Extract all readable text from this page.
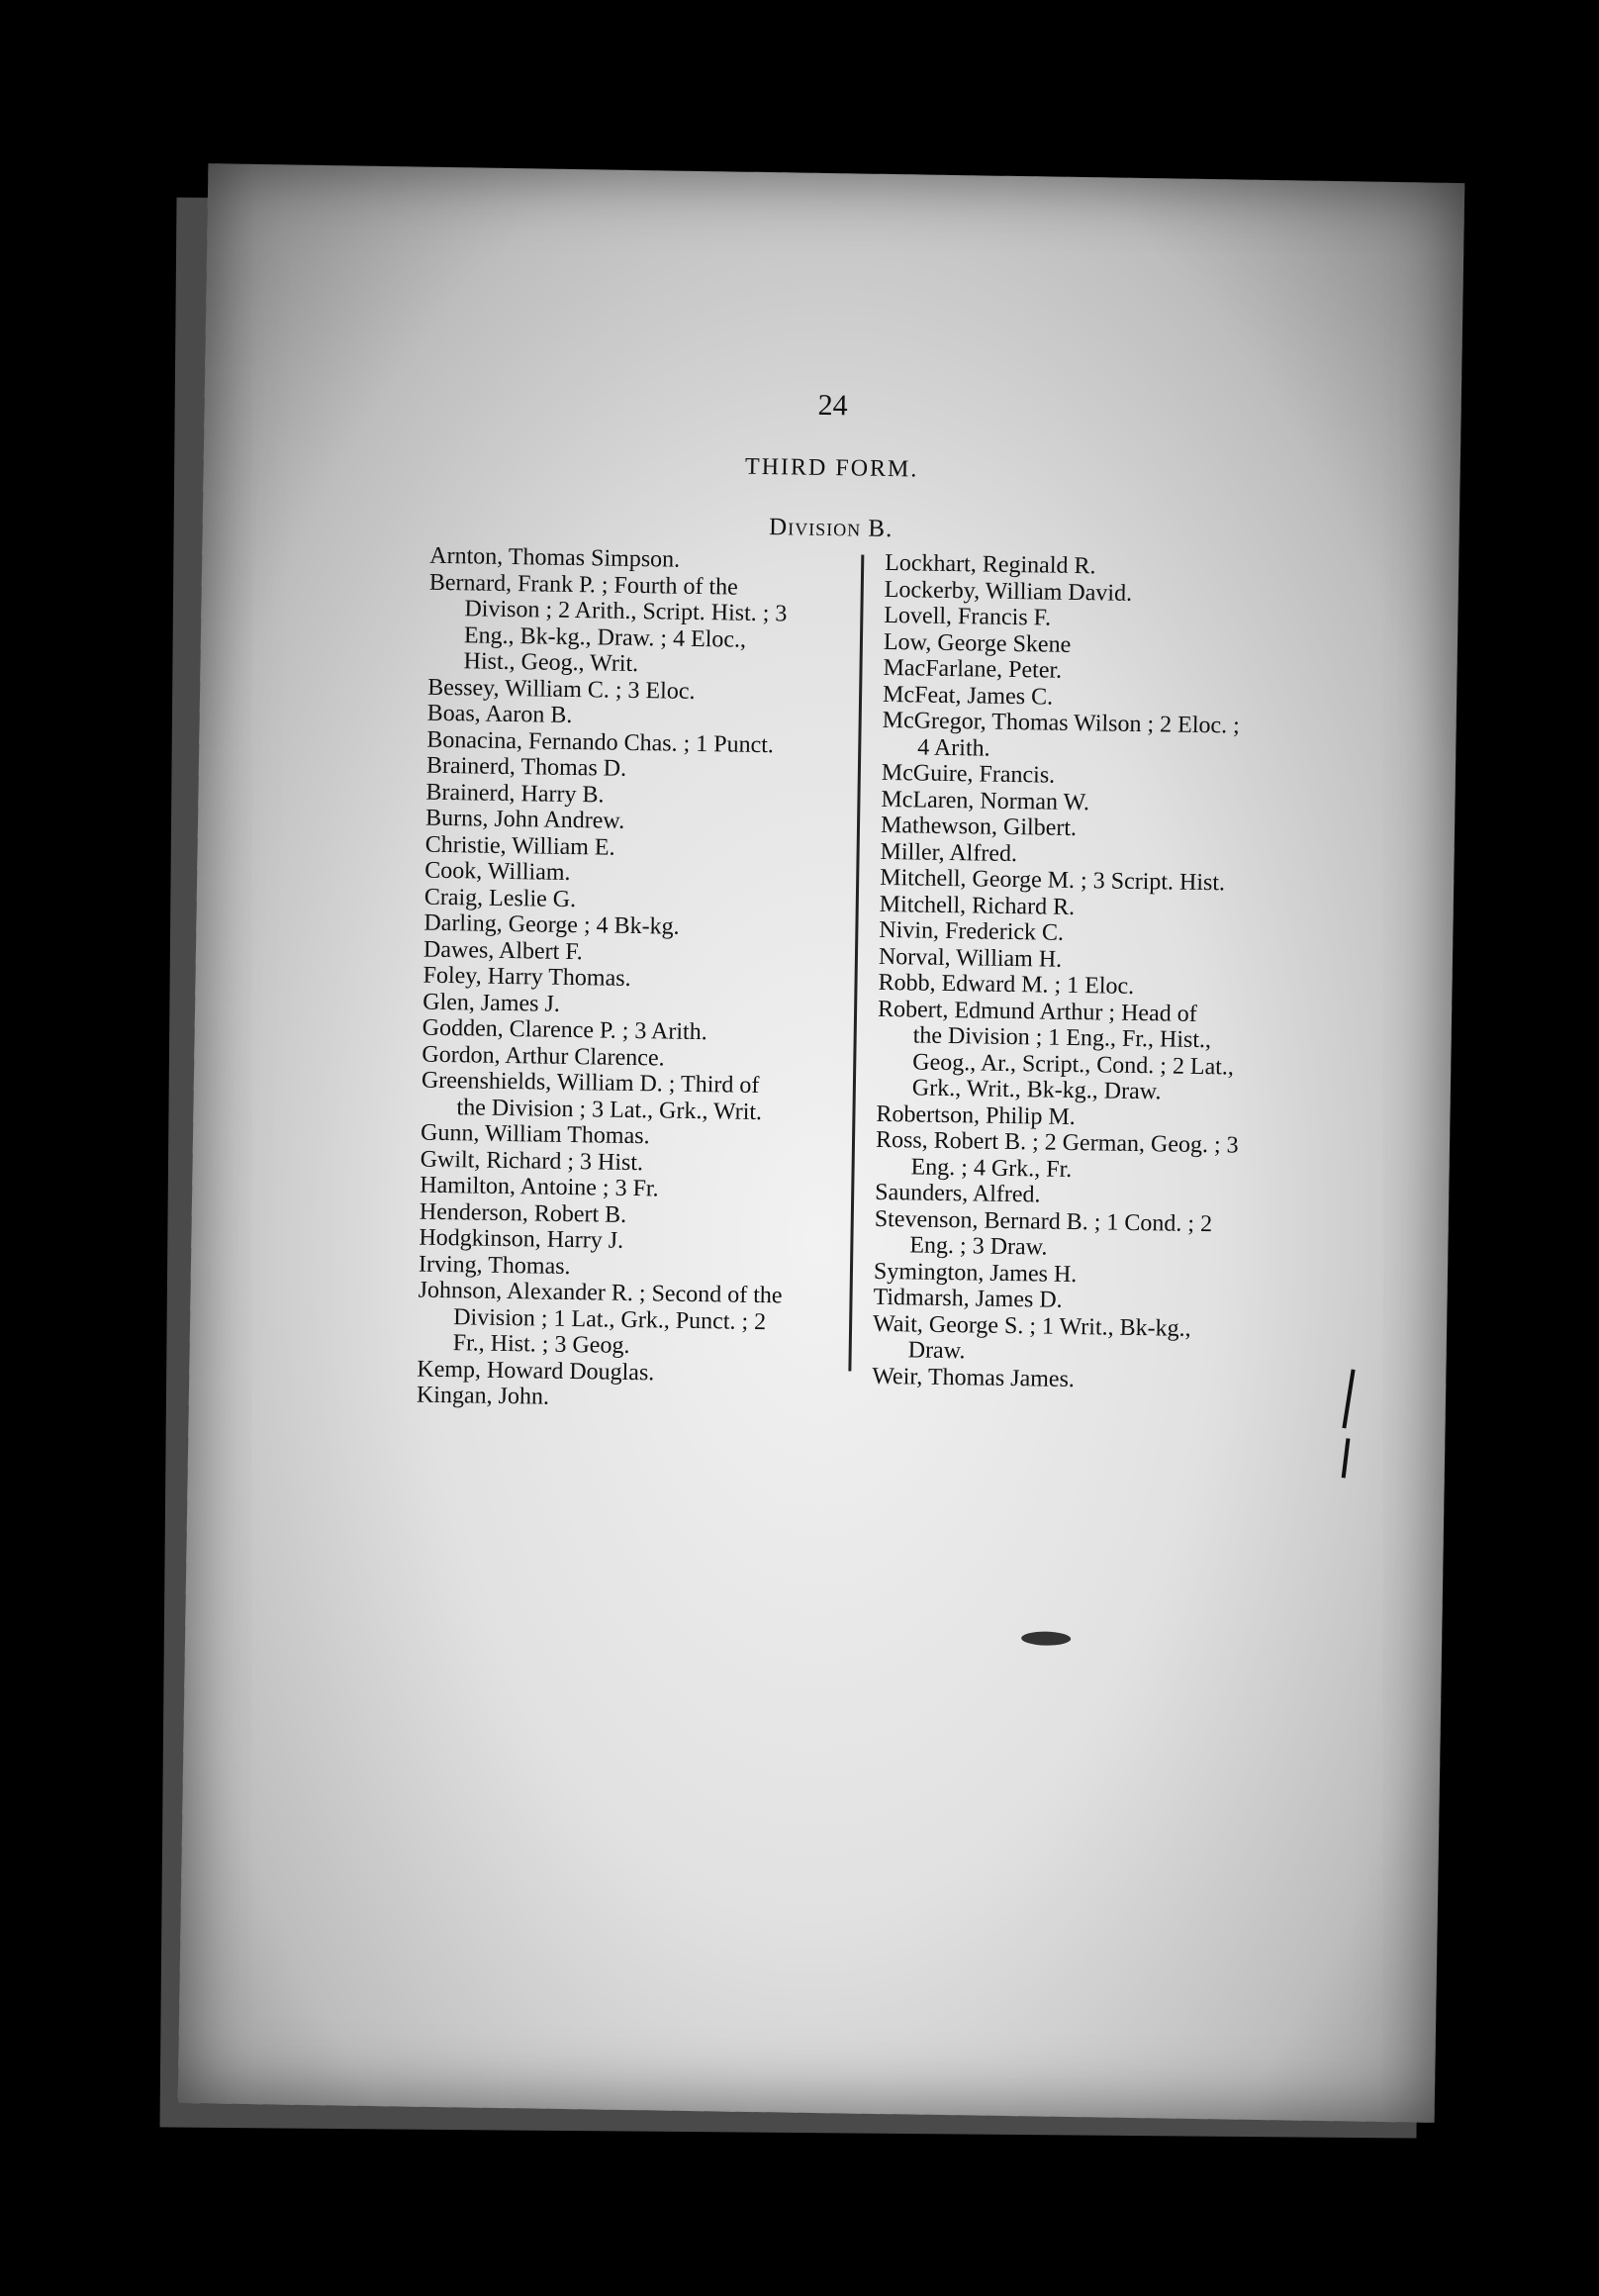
24
THIRD FORM.
Division B.

Arnton, Thomas Simpson.

Bernard, Frank P. ; Fourth of the
Divison ; 2 Arith., Script. Hist. ; 3
Eng., Bk-kg., Draw. ; 4 Eloc.,
Hist., Geog., Writ.

Bessey, William C. ; 3 Eloc.

Boas, Aaron B.

Bonacina, Fernando Chas. ; 1 Punct.

Brainerd, Thomas D.

Brainerd, Harry B.

Burns, John Andrew.

Christie, William E.

Cook, William.

Craig, Leslie G.

Darling, George ; 4 Bk-kg.

Dawes, Albert F.

Foley, Harry Thomas.

Glen, James J.

Godden, Clarence P. ; 3 Arith.

Gordon, Arthur Clarence.

Greenshields, William D. ; Third of
the Division ; 3 Lat., Grk., Writ.

Gunn, William Thomas.

Gwilt, Richard ; 3 Hist.

Hamilton, Antoine ; 3 Fr.

Henderson, Robert B.

Hodgkinson, Harry J.

Irving, Thomas.

Johnson, Alexander R. ; Second of the
Division ; 1 Lat., Grk., Punct. ; 2
Fr., Hist. ; 3 Geog.

Kemp, Howard Douglas.

Kingan, John.

Lockhart, Reginald R.

Lockerby, William David.

Lovell, Francis F.

Low, George Skene

MacFarlane, Peter.

McFeat, James C.

McGregor, Thomas Wilson ; 2 Eloc. ;
4 Arith.

McGuire, Francis.

McLaren, Norman W.

Mathewson, Gilbert.

Miller, Alfred.

Mitchell, George M. ; 3 Script. Hist.

Mitchell, Richard R.

Nivin, Frederick C.

Norval, William H.

Robb, Edward M. ; 1 Eloc.

Robert, Edmund Arthur ; Head of
the Division ; 1 Eng., Fr., Hist.,
Geog., Ar., Script., Cond. ; 2 Lat.,
Grk., Writ., Bk-kg., Draw.

Robertson, Philip M.

Ross, Robert B. ; 2 German, Geog. ; 3
Eng. ; 4 Grk., Fr.

Saunders, Alfred.

Stevenson, Bernard B. ; 1 Cond. ; 2
Eng. ; 3 Draw.

Symington, James H.

Tidmarsh, James D.

Wait, George S. ; 1 Writ., Bk-kg.,
Draw.

Weir, Thomas James.
